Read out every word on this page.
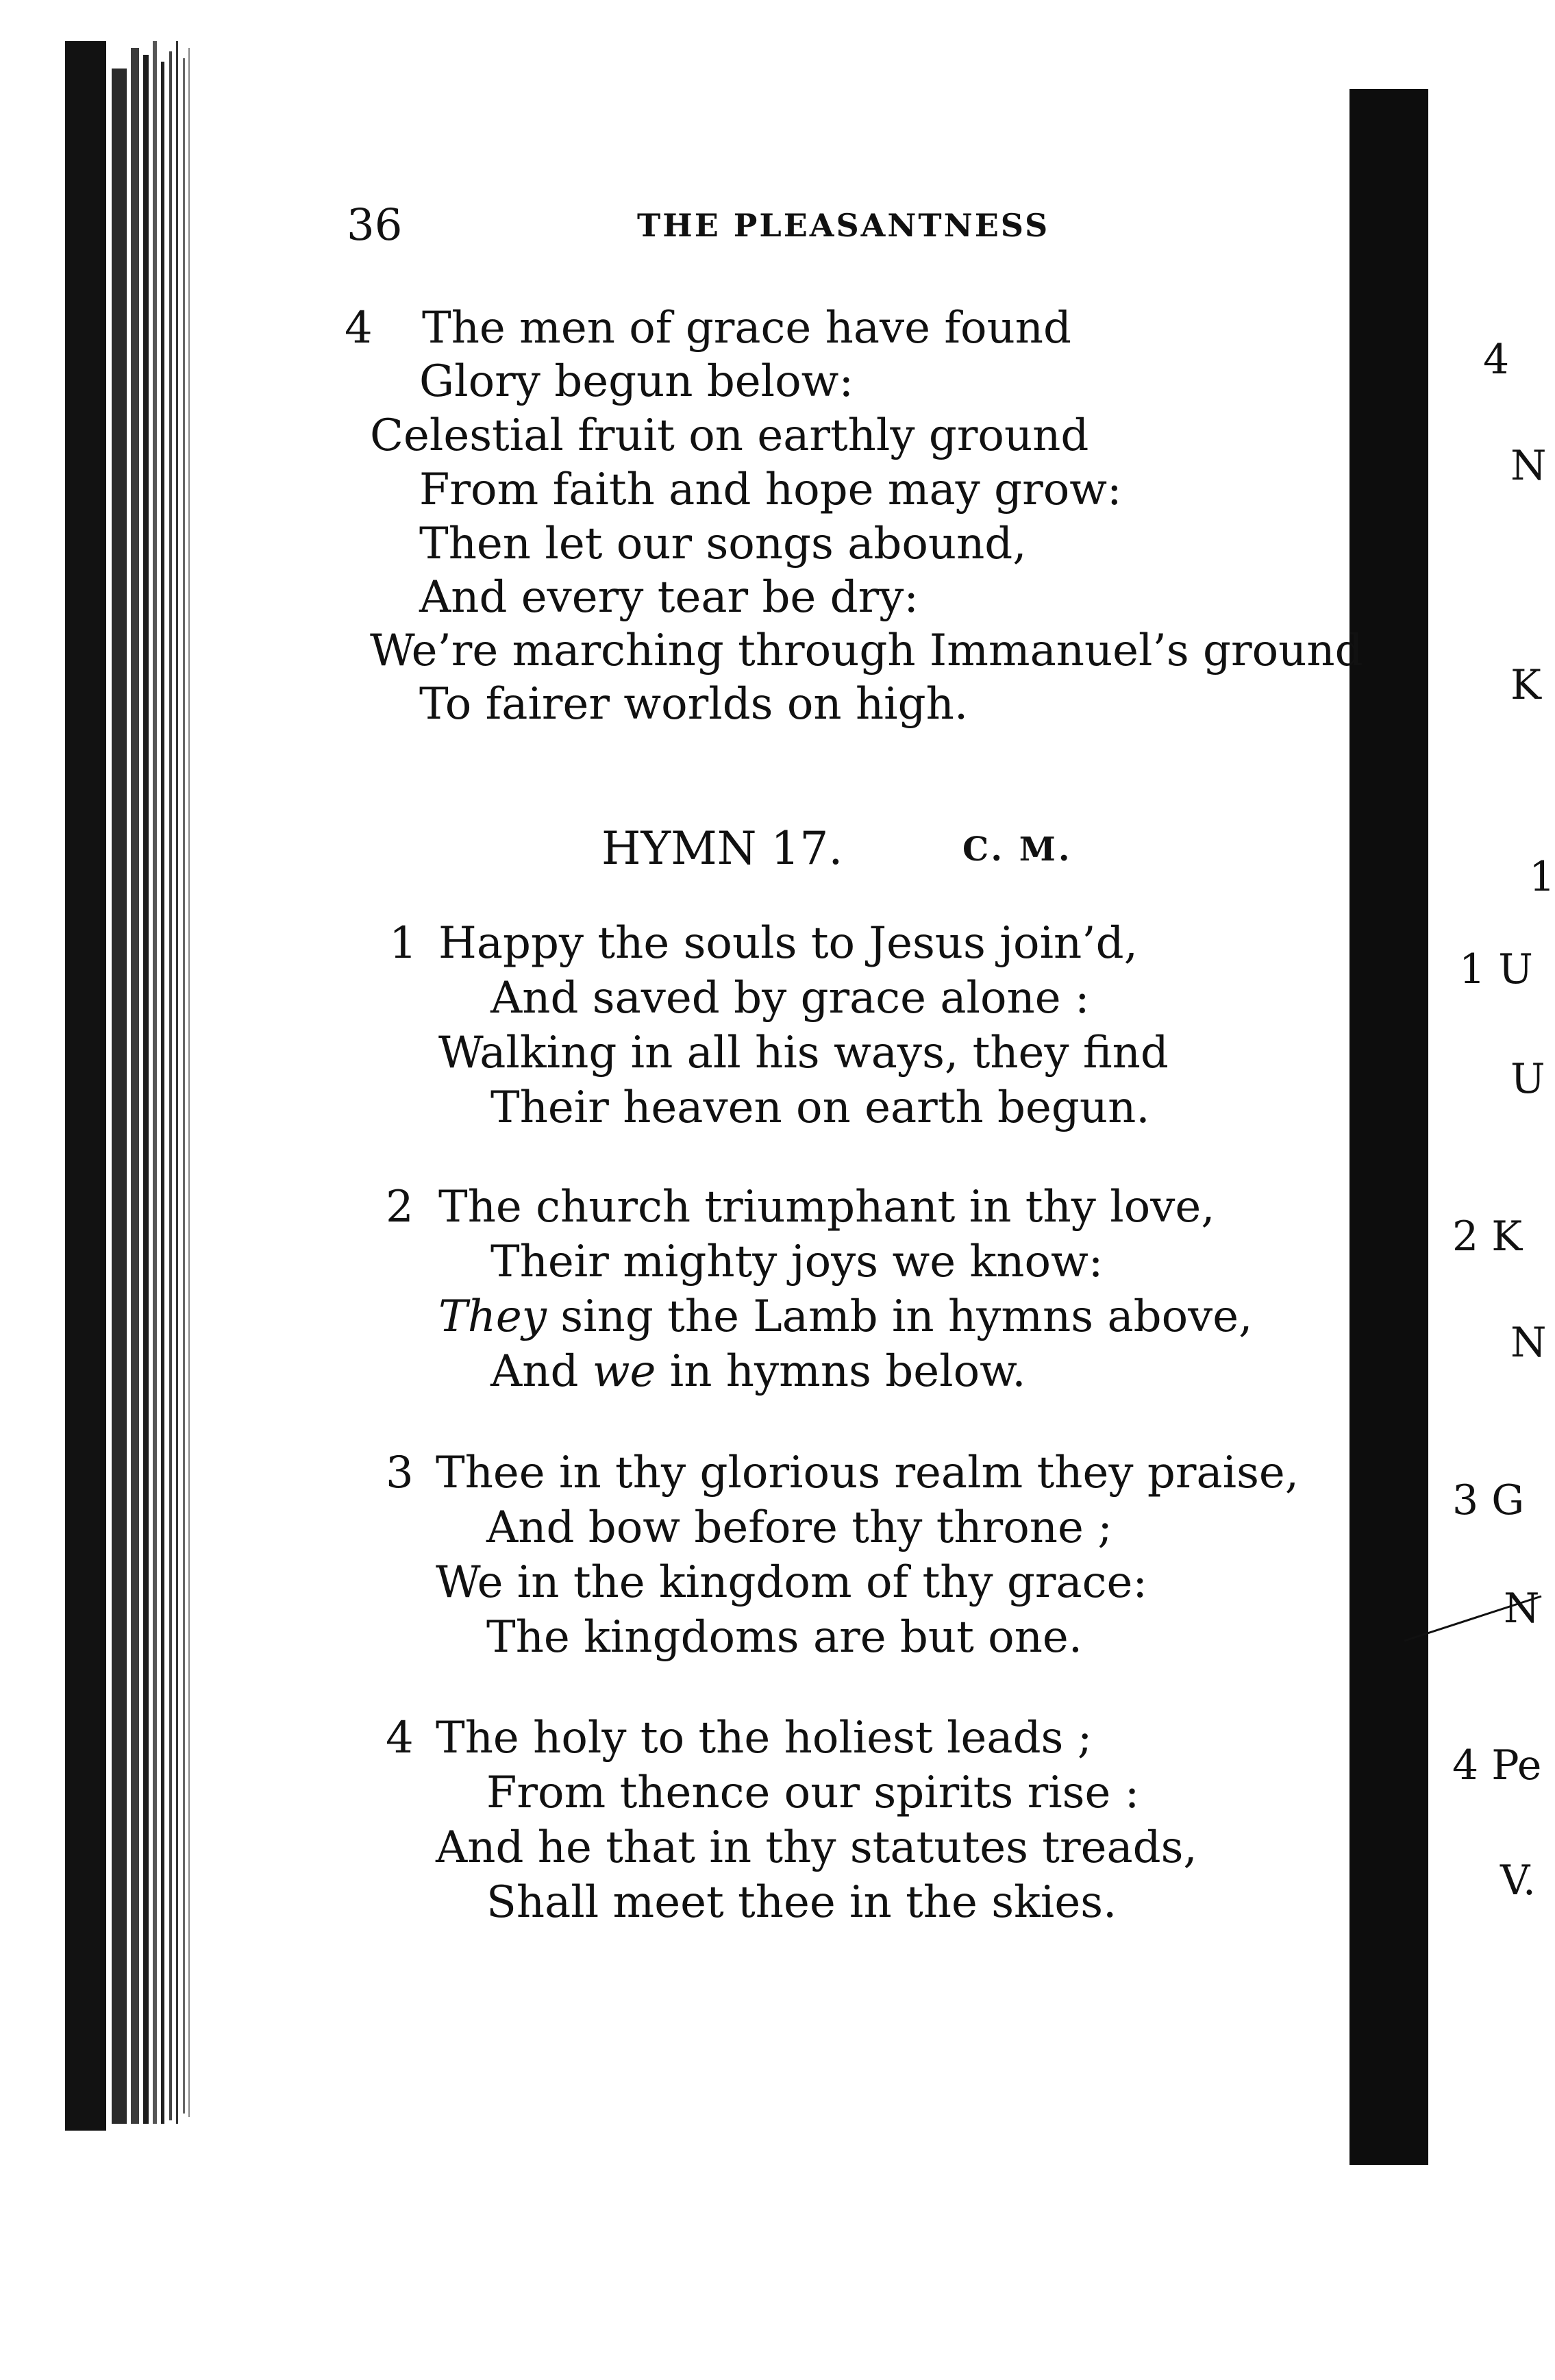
36	THE PLEASANTNESS
4 The men of grace have found
Glory begun below:
Celestial fruit on earthly ground
From faith and hope may grow:
Then let our songs abound,
And every tear be dry:
We’re marching through Immanuel’s ground
To fairer worlds on high.
HYMN 17.	C. M.
1 Happy the souls to Jesus join’d,
And saved by grace alone :
Walking in all his ways, they find
Their heaven on earth begun.
2 The church triumphant in thy love,
Their mighty joys we know:
They sing the Lamb in hymns above,
And we in hymns below.
3 Thee in thy glorious realm they praise,
And bow before thy throne ;
We in the kingdom of thy grace:
The kingdoms are but one.
4 The holy to the holiest leads ;
From thence our spirits rise :
And he that in thy statutes treads,
Shall meet thee in the skies.
4
N
K
1
1 U
U
2 K
N
3 G
N
4 Pe
V.
